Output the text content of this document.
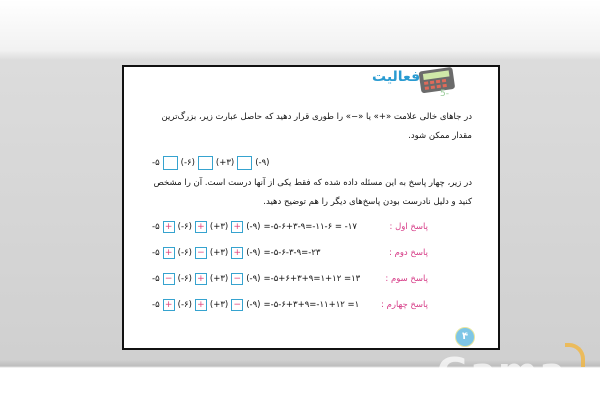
5-
فعالیت
در جاهای خالی علامت «+» یا «−» را طوری قرار دهید که حاصل عبارت زیر، بزرگ‌ترین
مقدار ممکن شود.
-۵ (-۶) (+۳) (-۹)
در زیر، چهار پاسخ به این مسئله داده شده که فقط یکی از آنها درست است. آن را مشخص
کنید و دلیل نادرست بودن پاسخ‌های دیگر را هم توضیح دهید.
پاسخ اول :
-۵ + (-۶) + (+۳) + (-۹) =-۵-۶+۳-۹=-۱۱-۶ = -۱۷
پاسخ دوم :
-۵ + (-۶) − (+۳) + (-۹) =-۵-۶-۳-۹=-۲۳
پاسخ سوم :
-۵ − (-۶) + (+۳) − (-۹) =-۵+۶+۳+۹=۱+۱۲ =۱۳
پاسخ چهارم :
-۵ + (-۶) + (+۳) − (-۹) =-۵-۶+۳+۹=-۱۱+۱۲ =۱
۴
Gama
